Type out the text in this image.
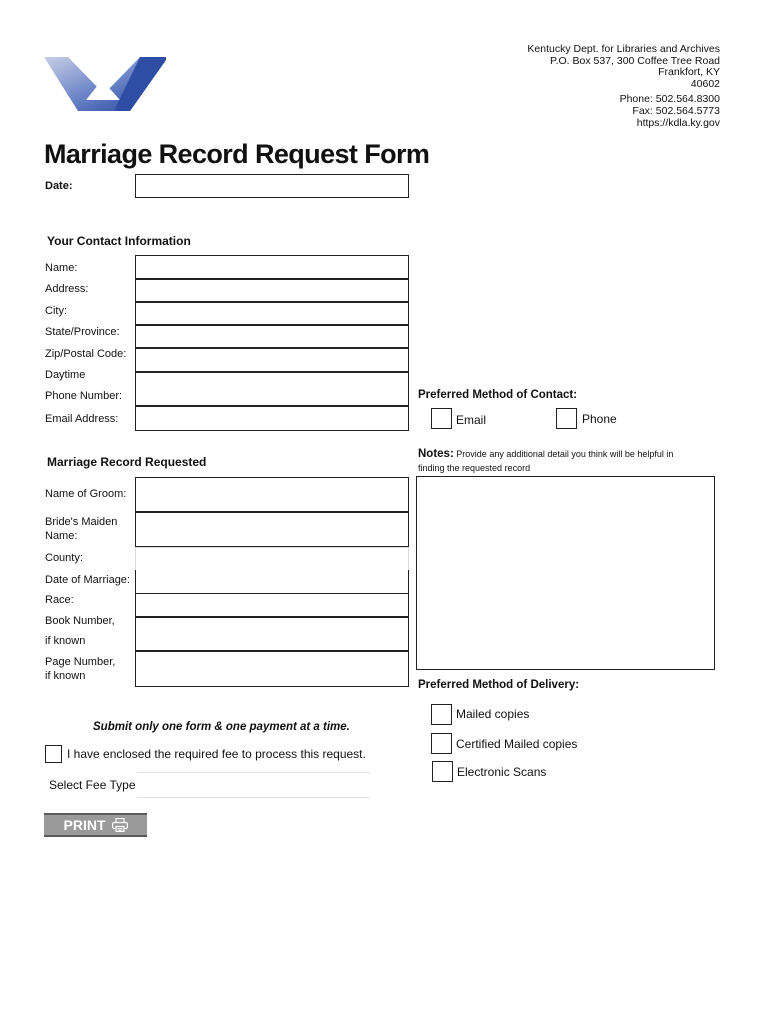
Kentucky Dept. for Libraries and Archives
P.O. Box 537, 300 Coffee Tree Road
Frankfort, KY
40602
Phone: 502.564.8300
Fax: 502.564.5773
https://kdla.ky.gov
Marriage Record Request Form
Date:
Your Contact Information
Name:
Address:
City:
State/Province:
Zip/Postal Code:
Daytime
Phone Number:
Email Address:
Preferred Method of Contact:
Email	Phone
Marriage Record Requested
Name of Groom:
Bride's Maiden
Name:
County:
Date of Marriage:
Race:
Book Number,
if known
Page Number,
if known
Notes: Provide any additional detail you think will be helpful in
finding the requested record
Preferred Method of Delivery:
Mailed copies
Certified Mailed copies
Electronic Scans
Submit only one form & one payment at a time.
I have enclosed the required fee to process this request.
Select Fee Type
PRINT
